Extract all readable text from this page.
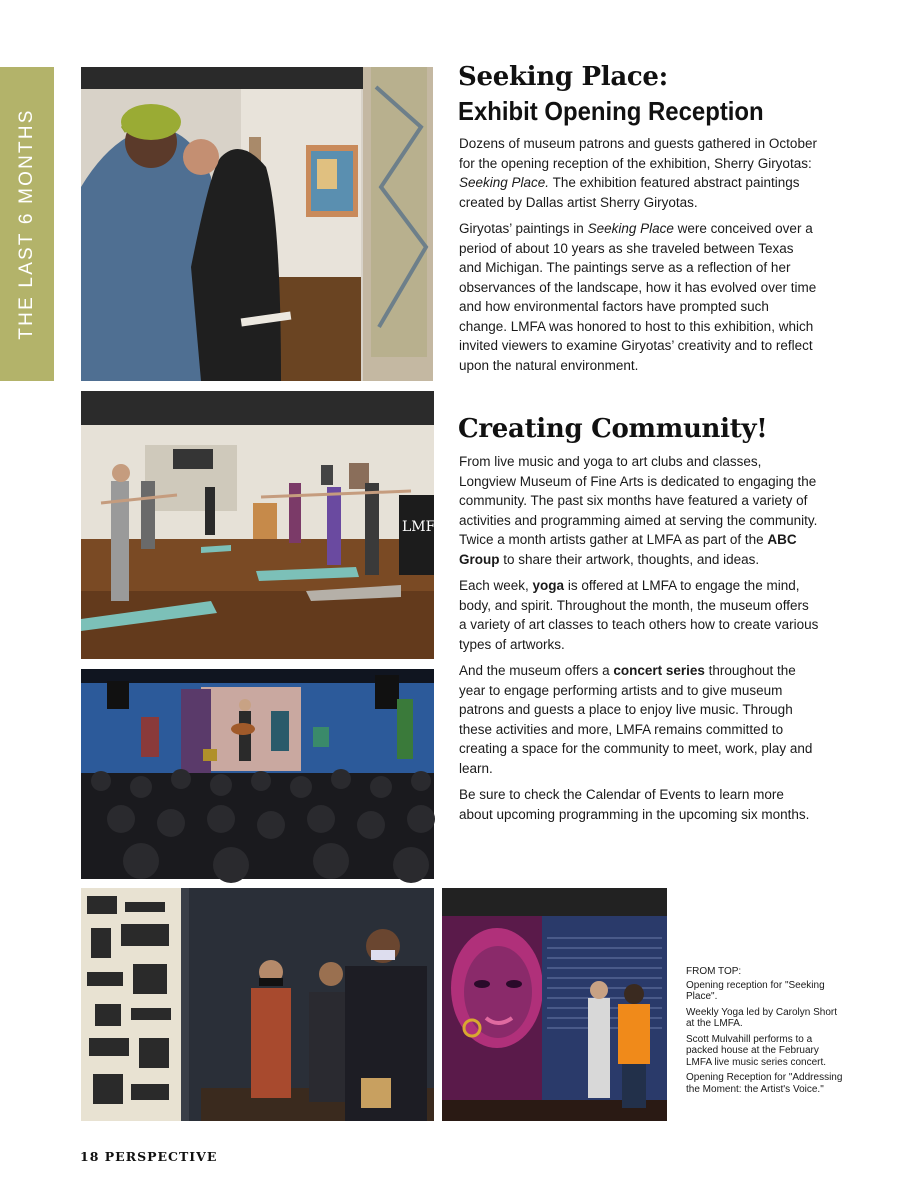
THE LAST 6 MONTHS
LMFA
Seeking Place:
Exhibit Opening Reception

Dozens of museum patrons and guests gathered in October for the opening reception of the exhibition, Sherry Giryotas: Seeking Place. The exhibition featured abstract paintings created by Dallas artist Sherry Giryotas.

Giryotas’ paintings in Seeking Place were conceived over a period of about 10 years as she traveled between Texas and Michigan. The paintings serve as a reflection of her observances of the landscape, how it has evolved over time and how environmental factors have prompted such change. LMFA was honored to host to this exhibition, which invited viewers to examine Giryotas’ creativity and to reflect upon the natural environment.

Creating Community!

From live music and yoga to art clubs and classes, Longview Museum of Fine Arts is dedicated to engaging the community. The past six months have featured a variety of activities and programming aimed at serving the community. Twice a month artists gather at LMFA as part of the ABC Group to share their artwork, thoughts, and ideas.

Each week, yoga is offered at LMFA to engage the mind, body, and spirit. Throughout the month, the museum offers a variety of art classes to teach others how to create various types of artworks.

And the museum offers a concert series throughout the year to engage performing artists and to give museum patrons and guests a place to enjoy live music. Through these activities and more, LMFA remains committed to creating a space for the community to meet, work, play and learn.

Be sure to check the Calendar of Events to learn more about upcoming programming in the upcoming six months.

FROM TOP:
Opening reception for "Seeking Place".
Weekly Yoga led by Carolyn Short at the LMFA.
Scott Mulvahill performs to a packed house at the February LMFA live music series concert.
Opening Reception for "Addressing the Moment: the Artist's Voice."
18 PERSPECTIVE
